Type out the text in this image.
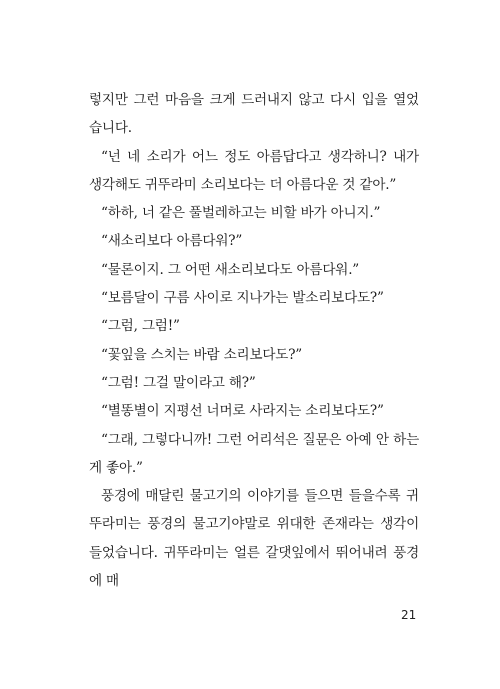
렇지만 그런 마음을 크게 드러내지 않고 다시 입을 열었습니다.

“넌 네 소리가 어느 정도 아름답다고 생각하니? 내가 생각해도 귀뚜라미 소리보다는 더 아름다운 것 같아.”

“하하, 너 같은 풀벌레하고는 비할 바가 아니지.”

“새소리보다 아름다워?”

“물론이지. 그 어떤 새소리보다도 아름다워.”

“보름달이 구름 사이로 지나가는 발소리보다도?”

“그럼, 그럼!”

“꽃잎을 스치는 바람 소리보다도?”

“그럼! 그걸 말이라고 해?”

“별똥별이 지평선 너머로 사라지는 소리보다도?”

“그래, 그렇다니까! 그런 어리석은 질문은 아예 안 하는 게 좋아.”

풍경에 매달린 물고기의 이야기를 들으면 들을수록 귀뚜라미는 풍경의 물고기야말로 위대한 존재라는 생각이 들었습니다. 귀뚜라미는 얼른 갈댓잎에서 뛰어내려 풍경에 매

21
